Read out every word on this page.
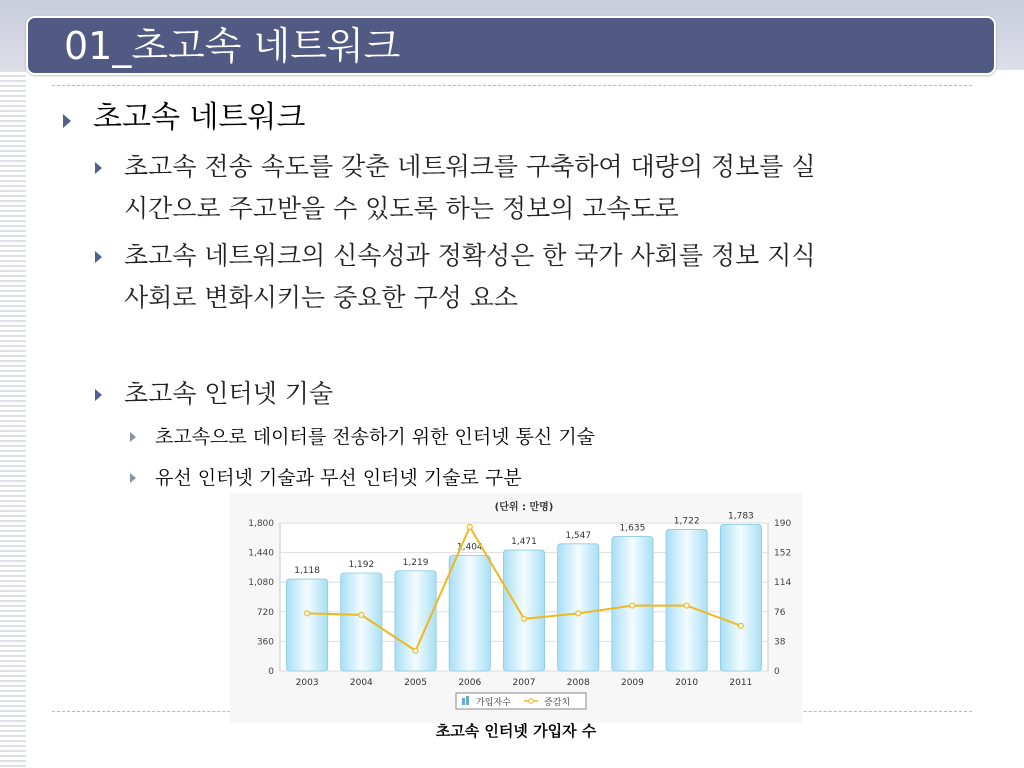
01_초고속 네트워크
초고속 네트워크
초고속 전송 속도를 갖춘 네트워크를 구축하여 대량의 정보를 실
시간으로 주고받을 수 있도록 하는 정보의 고속도로
초고속 네트워크의 신속성과 정확성은 한 국가 사회를 정보 지식
사회로 변화시키는 중요한 구성 요소
초고속 인터넷 기술
초고속으로 데이터를 전송하기 위한 인터넷 통신 기술
유선 인터넷 기술과 무선 인터넷 기술로 구분
(단위 : 만명)
0
360
720
1,080
1,440
1,800
0
38
76
114
152
190
1,118
2003
1,192
2004
1,219
2005
1,404
2006
1,471
2007
1,547
2008
1,635
2009
1,722
2010
1,783
2011
가입자수	증감치
초고속 인터넷 가입자 수
